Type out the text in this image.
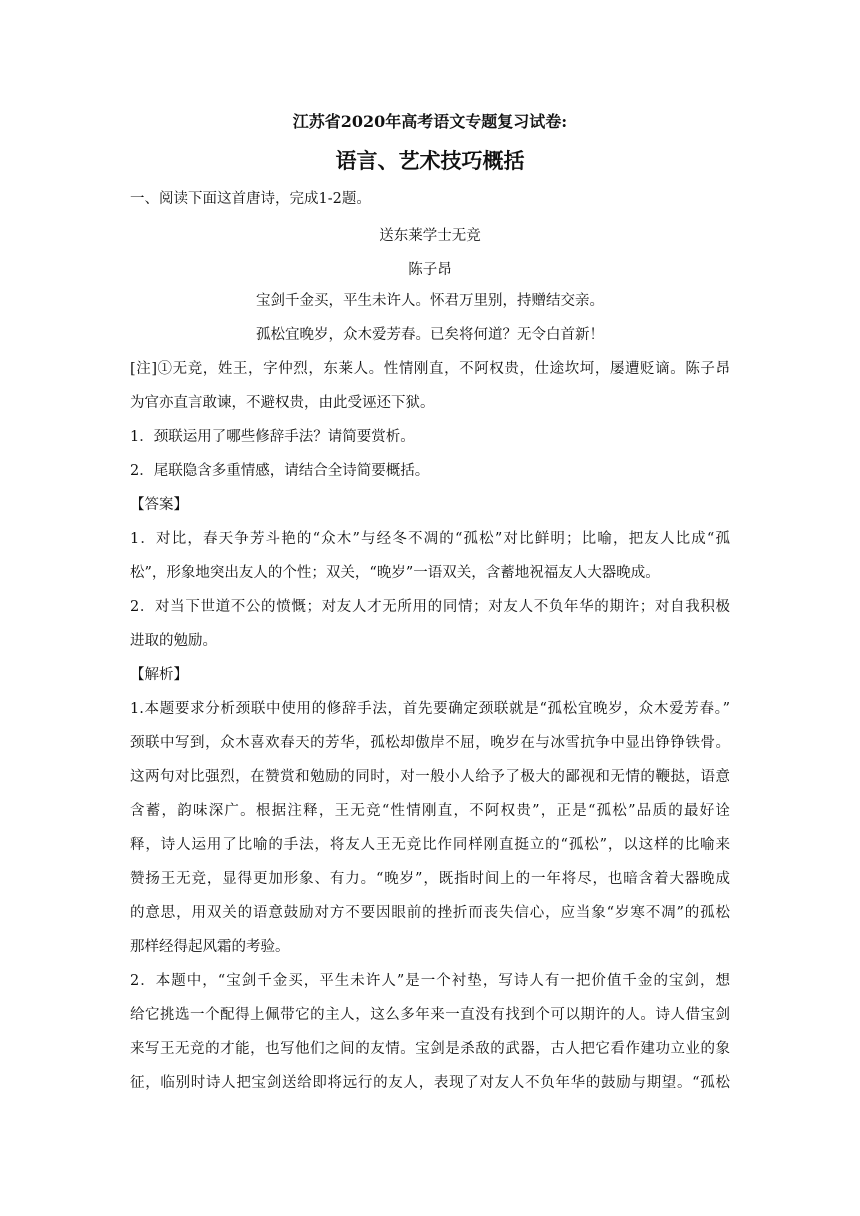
江苏省2020年高考语文专题复习试卷:
语言、艺术技巧概括
一、阅读下面这首唐诗，完成1-2题。
送东莱学士无竞
陈子昂
宝剑千金买，平生未许人。怀君万里别，持赠结交亲。
孤松宜晚岁，众木爱芳春。已矣将何道？无令白首新！
[注]①无竞，姓王，字仲烈，东莱人。性情刚直，不阿权贵，仕途坎坷，屡遭贬谪。陈子昂
为官亦直言敢谏，不避权贵，由此受诬还下狱。
1．颈联运用了哪些修辞手法？请简要赏析。
2．尾联隐含多重情感，请结合全诗简要概括。
【答案】
1．对比，春天争芳斗艳的“众木”与经冬不凋的“孤松”对比鲜明；比喻，把友人比成“孤
松”，形象地突出友人的个性；双关，“晚岁”一语双关，含蓄地祝福友人大器晚成。
2．对当下世道不公的愤慨；对友人才无所用的同情；对友人不负年华的期许；对自我积极
进取的勉励。
【解析】
1.本题要求分析颈联中使用的修辞手法，首先要确定颈联就是“孤松宜晚岁，众木爱芳春。”
颈联中写到，众木喜欢春天的芳华，孤松却傲岸不屈，晚岁在与冰雪抗争中显出铮铮铁骨。
这两句对比强烈，在赞赏和勉励的同时，对一般小人给予了极大的鄙视和无情的鞭挞，语意
含蓄，韵味深广。根据注释，王无竞“性情刚直，不阿权贵”，正是“孤松”品质的最好诠
释，诗人运用了比喻的手法，将友人王无竞比作同样刚直挺立的“孤松”，以这样的比喻来
赞扬王无竞，显得更加形象、有力。“晚岁”，既指时间上的一年将尽，也暗含着大器晚成
的意思，用双关的语意鼓励对方不要因眼前的挫折而丧失信心，应当象“岁寒不凋”的孤松
那样经得起风霜的考验。
2．本题中，“宝剑千金买，平生未许人”是一个衬垫，写诗人有一把价值千金的宝剑，想
给它挑选一个配得上佩带它的主人，这么多年来一直没有找到个可以期许的人。诗人借宝剑
来写王无竞的才能，也写他们之间的友情。宝剑是杀敌的武器，古人把它看作建功立业的象
征，临别时诗人把宝剑送给即将远行的友人，表现了对友人不负年华的鼓励与期望。“孤松
